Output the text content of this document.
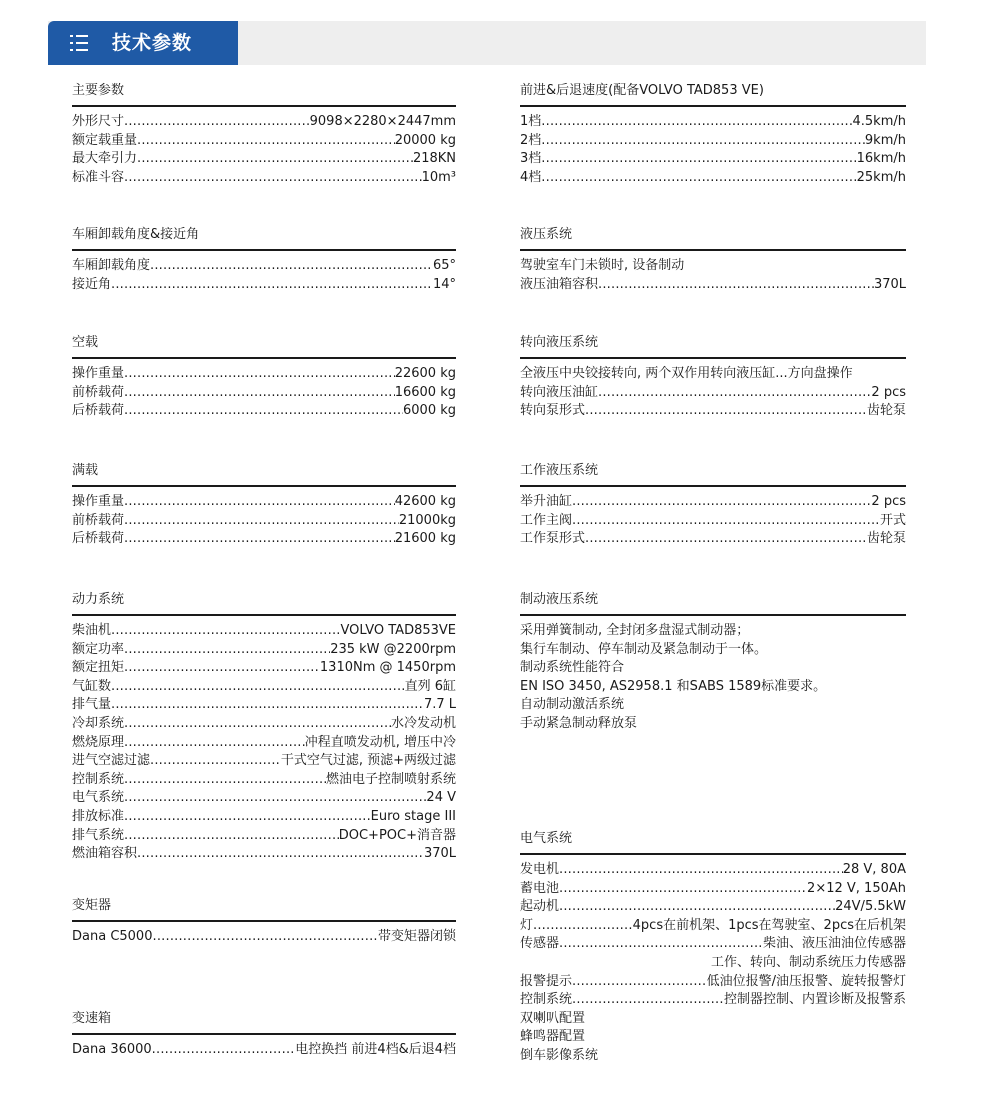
技术参数
主要参数
外形尺寸 .....	9098×2280×2447mm
额定载重量 .....	20000 kg
最大牵引力 .....	218KN
标准斗容 .....	10m³
车厢卸载角度&接近角
车厢卸载角度 .....	65°
接近角 .....	14°
空载
操作重量 .....	22600 kg
前桥载荷 .....	16600 kg
后桥载荷 .....	6000 kg
满载
操作重量 .....	42600 kg
前桥载荷 .....	21000kg
后桥载荷 .....	21600 kg
动力系统
柴油机 .....	VOLVO TAD853VE
额定功率 .....	235 kW @2200rpm
额定扭矩 .....	1310Nm @ 1450rpm
气缸数 .....	直列 6缸
排气量 .....	7.7 L
冷却系统 .....	水冷发动机
燃烧原理 .....	冲程直喷发动机, 增压中冷
进气空滤过滤 .....	干式空气过滤, 预滤+两级过滤
控制系统 .....	燃油电子控制喷射系统
电气系统 .....	24 V
排放标准 .....	Euro stage III
排气系统 .....	DOC+POC+消音器
燃油箱容积 .....	370L
变矩器
Dana C5000 .....	带变矩器闭锁
变速箱
Dana 36000 .....	电控换挡 前进4档&后退4档
前进&后退速度(配备VOLVO TAD853 VE)
1档 .....	4.5km/h
2档 .....	9km/h
3档 .....	16km/h
4档 .....	25km/h
液压系统
驾驶室车门未锁时, 设备制动
液压油箱容积 .....	370L
转向液压系统
全液压中央铰接转向, 两个双作用转向液压缸...方向盘操作
转向液压油缸 .....	2 pcs
转向泵形式 .....	齿轮泵
工作液压系统
举升油缸 .....	2 pcs
工作主阀 .....	开式
工作泵形式 .....	齿轮泵
制动液压系统
采用弹簧制动, 全封闭多盘湿式制动器；
集行车制动、停车制动及紧急制动于一体。
制动系统性能符合
EN ISO 3450, AS2958.1 和SABS 1589标准要求。
自动制动激活系统
手动紧急制动释放泵
电气系统
发电机 .....	28 V, 80A
蓄电池 .....	2×12 V, 150Ah
起动机 .....	24V/5.5kW
灯 .....	4pcs在前机架、1pcs在驾驶室、2pcs在后机架
传感器 .....	柴油、液压油油位传感器
工作、转向、制动系统压力传感器
报警提示 .....	低油位报警/油压报警、旋转报警灯
控制系统 .....	控制器控制、内置诊断及报警系
双喇叭配置
蜂鸣器配置
倒车影像系统
